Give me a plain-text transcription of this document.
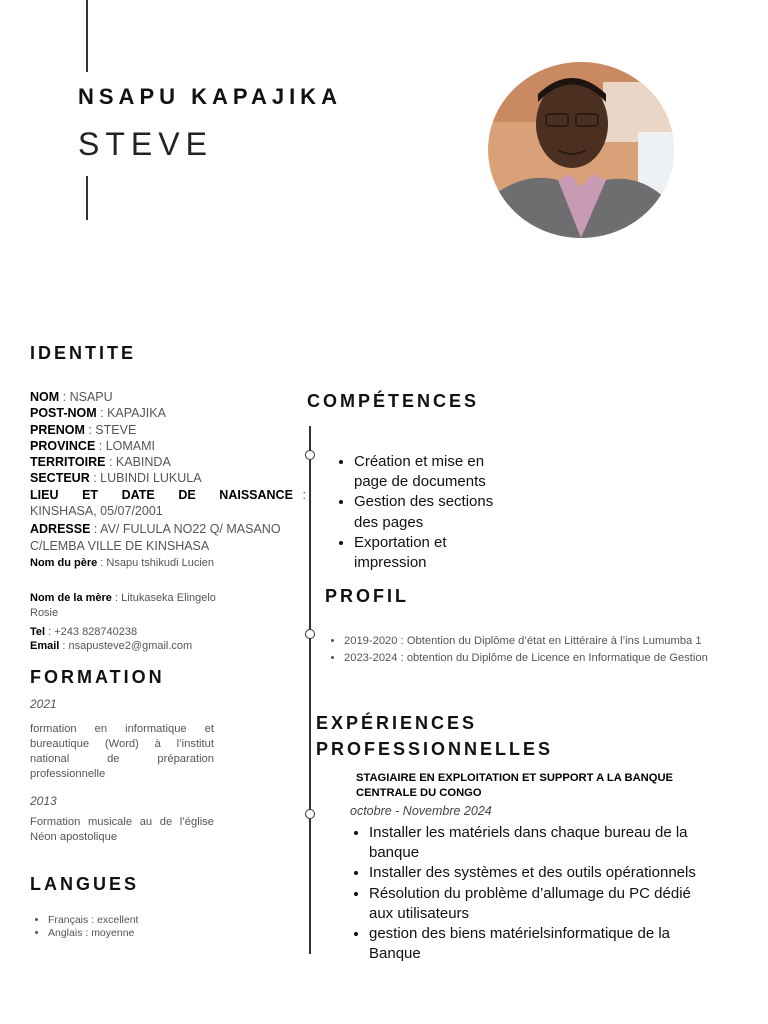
NSAPU KAPAJIKA
STEVE
IDENTITE
NOM : NSAPU
POST-NOM : KAPAJIKA
PRENOM : STEVE
PROVINCE : LOMAMI
TERRITOIRE : KABINDA
SECTEUR : LUBINDI LUKULA
LIEU ET DATE DE NAISSANCE : KINSHASA, 05/07/2001
ADRESSE : AV/ FULULA NO22 Q/ MASANO C/LEMBA VILLE DE KINSHASA
Nom du père : Nsapu tshikudi Lucien
Nom de la mère : Litukaseka Elingelo Rosie
Tel : +243 828740238
Email : nsapusteve2@gmail.com
FORMATION
2021
formation en informatique et bureautique (Word) à l’institut national de préparation professionnelle
2013
Formation musicale au de l’église Néon apostolique
LANGUES
• Français : excellent
• Anglais : moyenne
COMPÉTENCES
• Création et mise en page de documents
• Gestion des sections des pages
• Exportation et impression
PROFIL
• 2019-2020 : Obtention du Diplôme d’état en Littéraire à l’ins Lumumba 1
• 2023-2024 : obtention du Diplôme de Licence en Informatique de Gestion
EXPÉRIENCES
PROFESSIONNELLES
STAGIAIRE EN EXPLOITATION ET SUPPORT A LA BANQUE CENTRALE DU CONGO
octobre - Novembre 2024
• Installer les matériels dans chaque bureau de la banque
• Installer des systèmes et des outils opérationnels
• Résolution du problème d’allumage du PC dédié aux utilisateurs
• gestion des biens matérielsinformatique de la Banque
